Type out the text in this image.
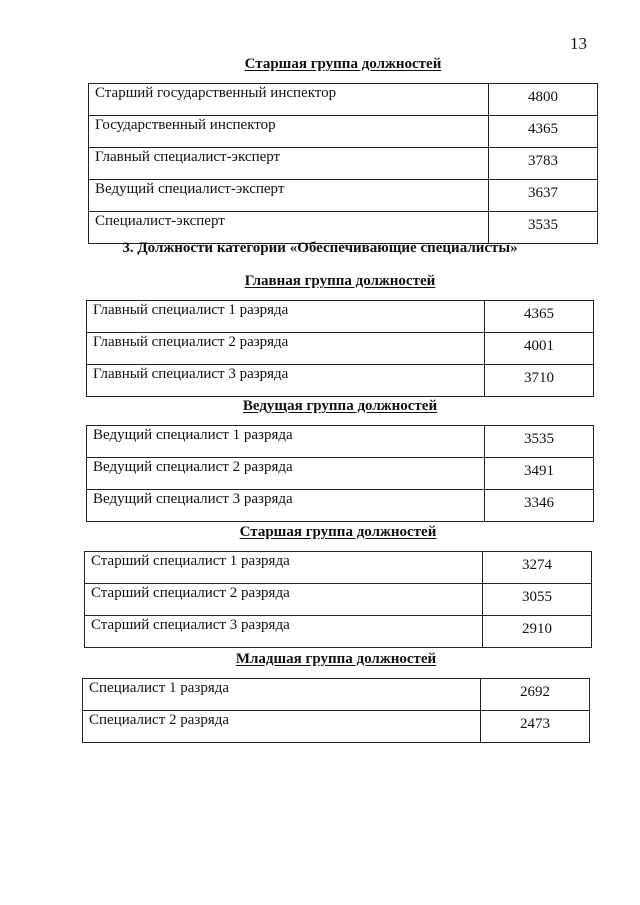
13
Старшая группа должностей
Старший государственный инспектор	4800
Государственный инспектор	4365
Главный специалист-эксперт	3783
Ведущий специалист-эксперт	3637
Специалист-эксперт	3535
3. Должности категории «Обеспечивающие специалисты»
Главная группа должностей
Главный специалист 1 разряда	4365
Главный специалист 2 разряда	4001
Главный специалист 3 разряда	3710
Ведущая группа должностей
Ведущий специалист 1 разряда	3535
Ведущий специалист 2 разряда	3491
Ведущий специалист 3 разряда	3346
Старшая группа должностей
Старший специалист 1 разряда	3274
Старший специалист 2 разряда	3055
Старший специалист 3 разряда	2910
Младшая группа должностей
Специалист 1 разряда	2692
Специалист 2 разряда	2473
